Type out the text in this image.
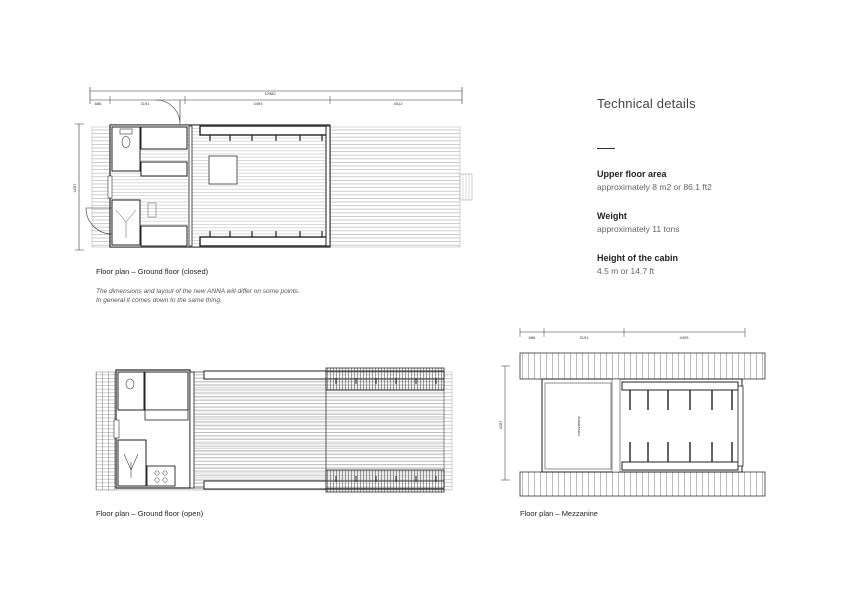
12982
686	3191	4493	4512
4287
686	3191	4493
4287	mezzanine
Floor plan – Ground floor (closed)
The dimensions and layout of the new ANNA will differ on some points.
In general it comes down to the same thing.
Floor plan – Ground floor (open)	Floor plan – Mezzanine
Technical details
Upper floor area
approximately 8 m2 or 86.1 ft2
Weight
approximately 11 tons
Height of the cabin
4.5 m or 14.7 ft
